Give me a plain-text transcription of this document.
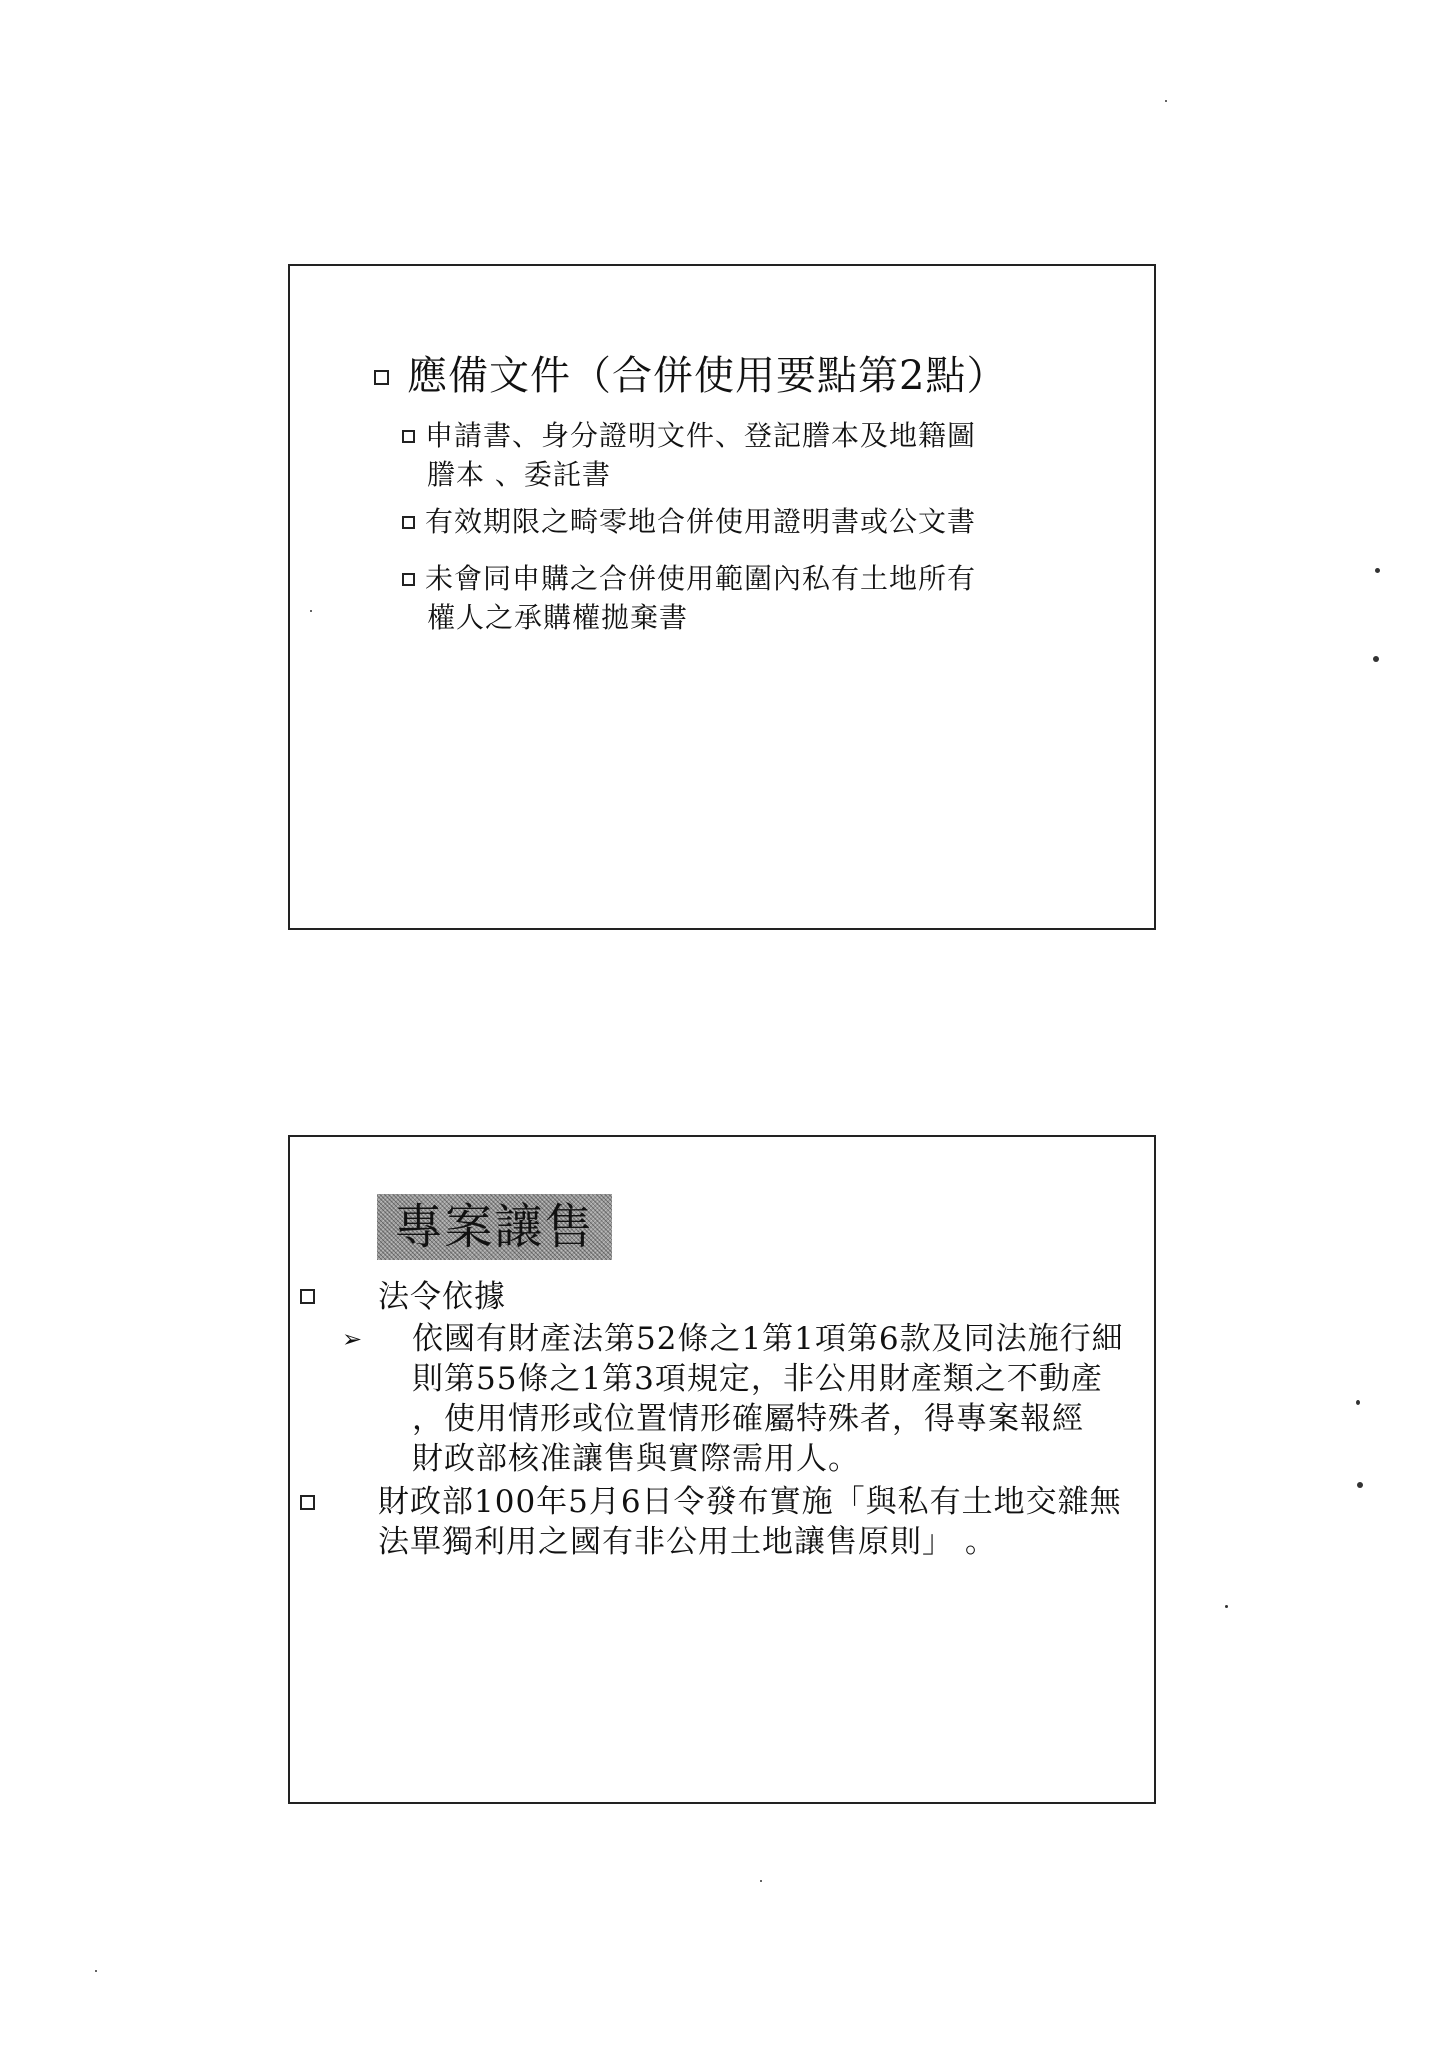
應備文件（合併使用要點第2點）
申請書、身分證明文件、登記謄本及地籍圖
謄本 、委託書
有效期限之畸零地合併使用證明書或公文書
未會同申購之合併使用範圍內私有土地所有
權人之承購權拋棄書
專案讓售
法令依據
➢ 依國有財產法第52條之1第1項第6款及同法施行細
則第55條之1第3項規定，非公用財產類之不動產
，使用情形或位置情形確屬特殊者，得專案報經
財政部核准讓售與實際需用人。
財政部100年5月6日令發布實施「與私有土地交雜無
法單獨利用之國有非公用土地讓售原則」 。
